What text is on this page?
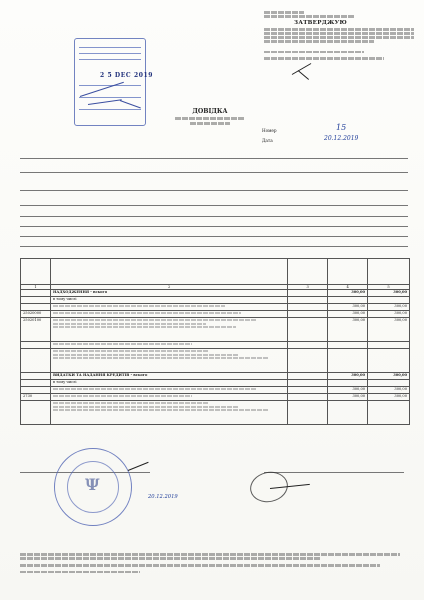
2 5 DEC 2019
ЗАТВЕРДЖУЮ
ДОВІДКА
Номер	15
Дата	20.12.2019

1	2	3	4	5
	НАДХОДЖЕННЯ - всього		300,00	300,00
	в тому числі			

		300,00	300,00
25020000			300,00	300,00
25020100			300,00	300,00

	ВИДАТКИ ТА НАДАННЯ КРЕДИТІВ - всього		300,00	300,00
	в тому числі			

		300,00	300,00
2730			300,00	300,00

20.12.2019
Ψ
